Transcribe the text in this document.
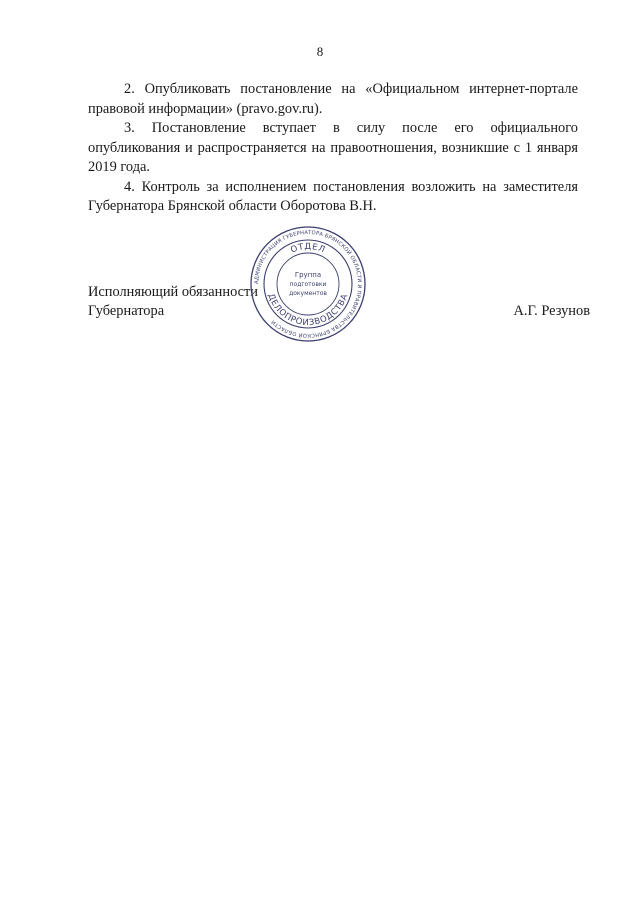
8

2. Опубликовать постановление на «Официальном интернет-портале правовой информации» (pravo.gov.ru).

3. Постановление вступает в силу после его официального опубликования и распространяется на правоотношения, возникшие с 1 января 2019 года.

4. Контроль за исполнением постановления возложить на заместителя Губернатора Брянской области Оборотова В.Н.

Исполняющий обязанности
Губернатора	А.Г. Резунов
АДМИНИСТРАЦИЯ ГУБЕРНАТОРА БРЯНСКОЙ ОБЛАСТИ И ПРАВИТЕЛЬСТВА БРЯНСКОЙ ОБЛАСТИ
ОТДЕЛ
ДЕЛОПРОИЗВОДСТВА
Группа
подготовки
документов
